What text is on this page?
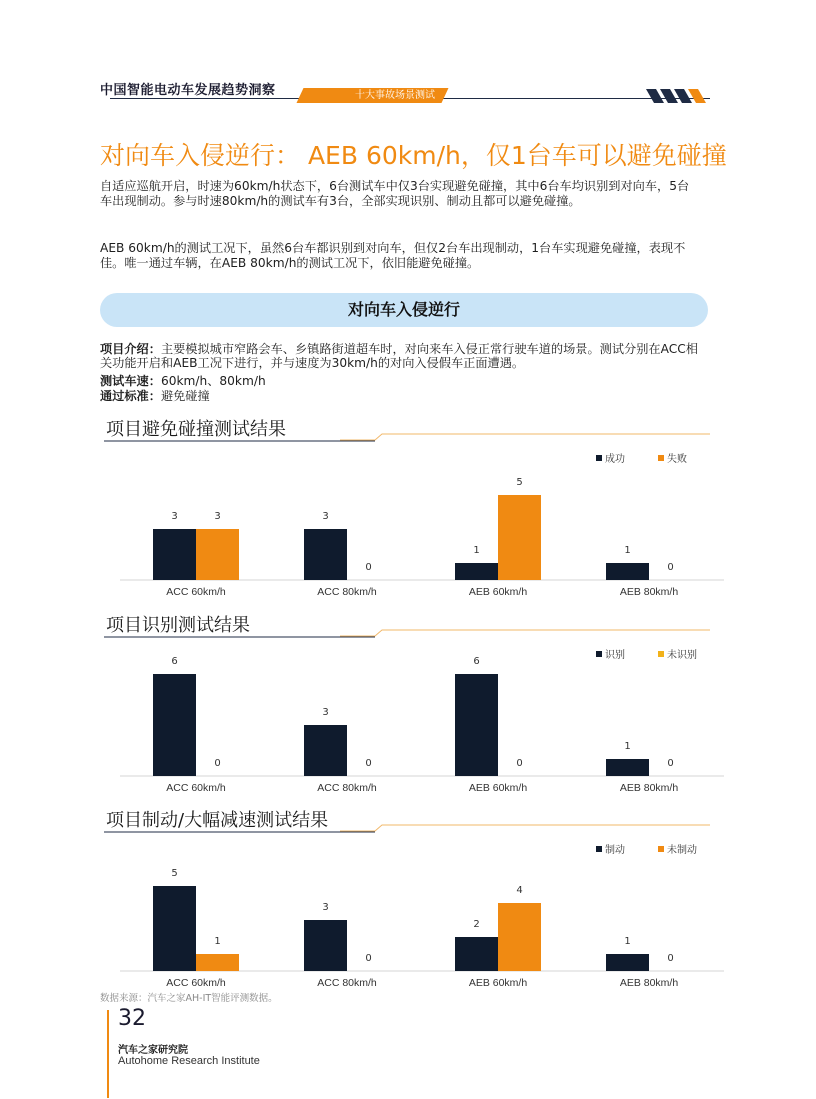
中国智能电动车发展趋势洞察	十大事故场景测试
对向车入侵逆行： AEB 60km/h，仅1台车可以避免碰撞
自适应巡航开启，时速为60km/h状态下，6台测试车中仅3台实现避免碰撞，其中6台车均识别到对向车，5台车出现制动。参与时速80km/h的测试车有3台，全部实现识别、制动且都可以避免碰撞。
AEB 60km/h的测试工况下，虽然6台车都识别到对向车，但仅2台车出现制动，1台车实现避免碰撞，表现不佳。唯一通过车辆，在AEB 80km/h的测试工况下，依旧能避免碰撞。
对向车入侵逆行
项目介绍：主要模拟城市窄路会车、乡镇路街道超车时，对向来车入侵正常行驶车道的场景。测试分别在ACC相关功能开启和AEB工况下进行，并与速度为30km/h的对向入侵假车正面遭遇。
测试车速：60km/h、80km/h
通过标准：避免碰撞
项目避免碰撞测试结果
项目识别测试结果
项目制动/大幅减速测试结果
成功	失败
3	3
ACC 60km/h
3
0
ACC 80km/h
1
5
AEB 60km/h
1
0
AEB 80km/h
识别	未识别
6
0
ACC 60km/h
3
0
ACC 80km/h
6
0
AEB 60km/h
1
0
AEB 80km/h
制动	未制动
5
1
ACC 60km/h
3
0
ACC 80km/h
2
4
AEB 60km/h
1
0
AEB 80km/h
数据来源：汽车之家AH-IT智能评测数据。
32
汽车之家研究院
Autohome Research Institute
